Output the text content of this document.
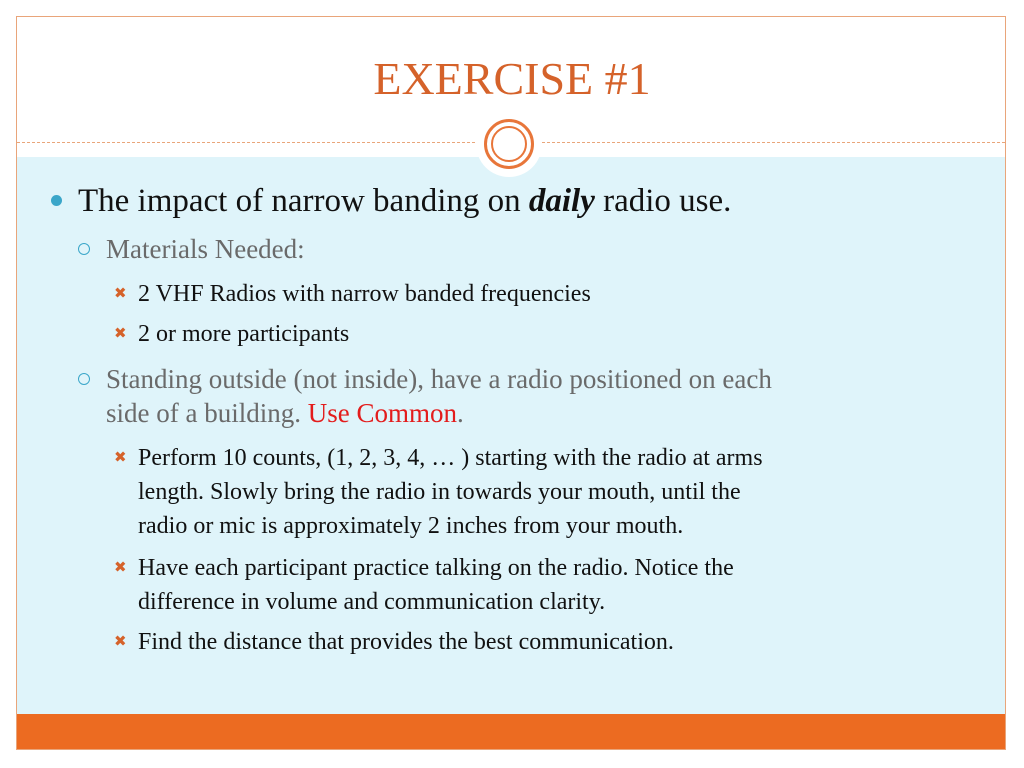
EXERCISE #1
The impact of narrow banding on daily radio use.
Materials Needed:
✖ 2 VHF Radios with narrow banded frequencies
✖ 2 or more participants
Standing outside (not inside), have a radio positioned on each
side of a building. Use Common.
✖ Perform 10 counts, (1, 2, 3, 4, … ) starting with the radio at arms
length. Slowly bring the radio in towards your mouth, until the
radio or mic is approximately 2 inches from your mouth.
✖ Have each participant practice talking on the radio. Notice the
difference in volume and communication clarity.
✖ Find the distance that provides the best communication.
